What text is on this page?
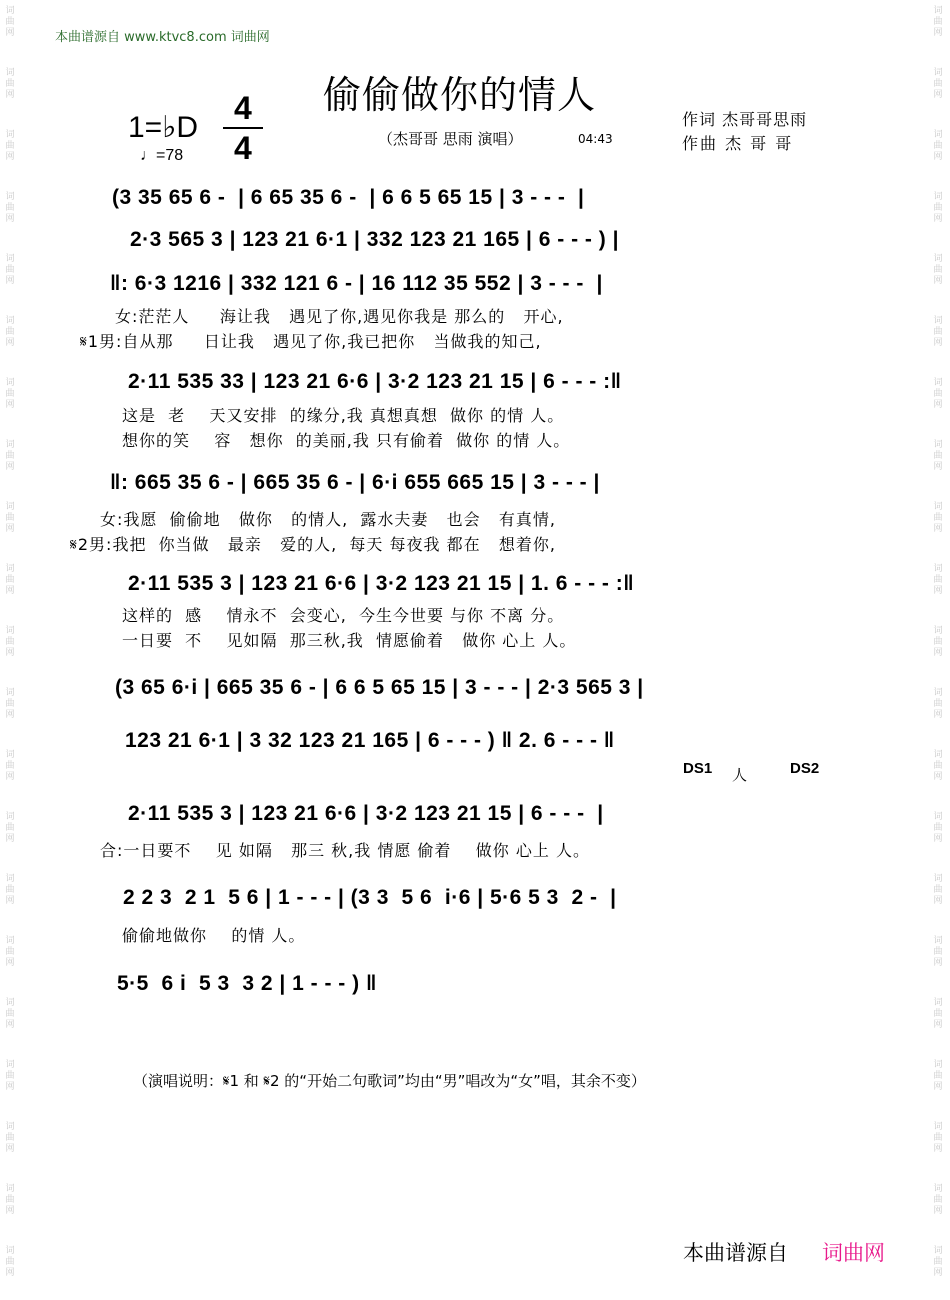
词
曲
网
词
曲
网
词
曲
网
词
曲
网
词
曲
网
词
曲
网
词
曲
网
词
曲
网
词
曲
网
词
曲
网
词
曲
网
词
曲
网
词
曲
网
词
曲
网
词
曲
网
词
曲
网
词
曲
网
词
曲
网
词
曲
网
词
曲
网
词
曲
网
词
曲
网
词
曲
网
词
曲
网
词
曲
网
词
曲
网
词
曲
网
词
曲
网
词
曲
网
词
曲
网
词
曲
网
词
曲
网
词
曲
网
词
曲
网
词
曲
网
词
曲
网
词
曲
网
词
曲
网
词
曲
网
词
曲
网
词
曲
网
词
曲
网
本曲谱源自 www.ktvc8.com 词曲网
偷偷做你的情人
1=♭D
4
4
♩=78
（杰哥哥 思雨 演唱）	04:43
作词 杰哥哥思雨
作曲 杰 哥 哥
(3 35 65 6 -  | 6 65 35 6 -  | 6 6 5 65 15 | 3 - - -  |
2·3 565 3 | 123 21 6·1 | 332 123 21 165 | 6 - - - ) |
‖: 6·3 1216 | 332 121 6 - | 16 112 35 552 | 3 - - -  |
女:茫茫人     海让我   遇见了你,遇见你我是 那么的   开心,
𝄋1男:自从那     日让我   遇见了你,我已把你   当做我的知己,
2·11 535 33 | 123 21 6·6 | 3·2 123 21 15 | 6 - - - :‖
这是  老    天又安排  的缘分,我 真想真想  做你 的情 人。
想你的笑    容   想你  的美丽,我 只有偷着  做你 的情 人。
‖: 665 35 6 - | 665 35 6 - | 6·i 655 665 15 | 3 - - - |
女:我愿  偷偷地   做你   的情人,  露水夫妻   也会   有真情,
𝄋2男:我把  你当做   最亲   爱的人,  每天 每夜我 都在   想着你,
2·11 535 3 | 123 21 6·6 | 3·2 123 21 15 | 1. 6 - - - :‖
这样的  感    情永不  会变心,  今生今世要 与你 不离 分。
一日要  不    见如隔  那三秋,我  情愿偷着   做你 心上 人。
(3 65 6·i | 665 35 6 - | 6 6 5 65 15 | 3 - - - | 2·3 565 3 |
123 21 6·1 | 3 32 123 21 165 | 6 - - - ) ‖ 2. 6 - - - ‖
DS1 人	DS2
2·11 535 3 | 123 21 6·6 | 3·2 123 21 15 | 6 - - -  |
合:一日要不    见 如隔   那三 秋,我 情愿 偷着    做你 心上 人。
2 2 3  2 1  5 6 | 1 - - - | (3 3  5 6  i·6 | 5·6 5 3  2 -  |
偷偷地做你    的情 人。
5·5  6 i  5 3  3 2 | 1 - - - ) ‖
（演唱说明：𝄋1 和 𝄋2 的“开始二句歌词”均由“男”唱改为“女”唱，其余不变）
本曲谱源自 词曲网
